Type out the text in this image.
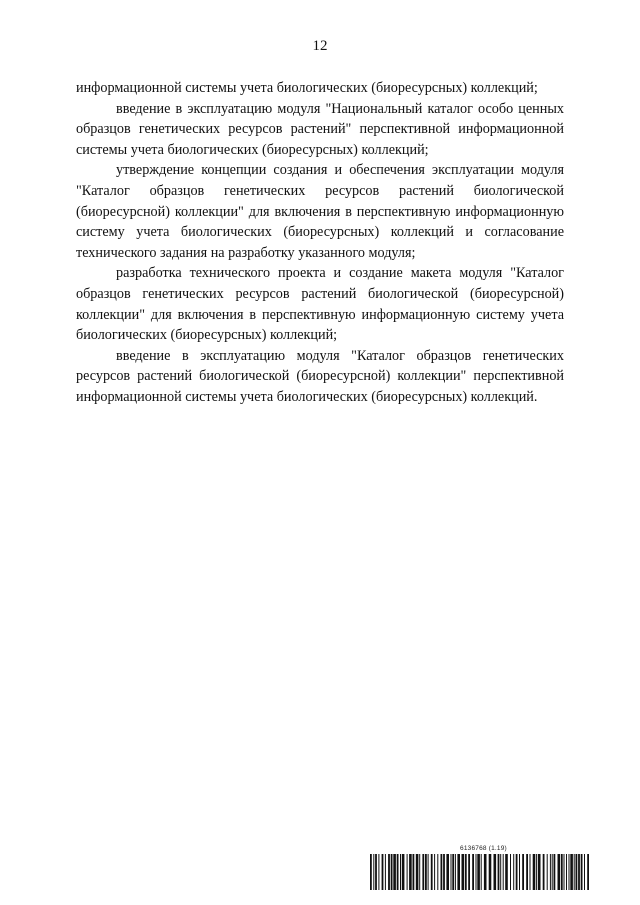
12

информационной системы учета биологических (биоресурсных) коллекций;

введение в эксплуатацию модуля "Национальный каталог особо ценных образцов генетических ресурсов растений" перспективной информационной системы учета биологических (биоресурсных) коллекций;

утверждение концепции создания и обеспечения эксплуатации модуля "Каталог образцов генетических ресурсов растений биологической (биоресурсной) коллекции" для включения в перспективную информационную систему учета биологических (биоресурсных) коллекций и согласование технического задания на разработку указанного модуля;

разработка технического проекта и создание макета модуля "Каталог образцов генетических ресурсов растений биологической (биоресурсной) коллекции" для включения в перспективную информационную систему учета биологических (биоресурсных) коллекций;

введение в эксплуатацию модуля "Каталог образцов генетических ресурсов растений биологической (биоресурсной) коллекции" перспективной информационной системы учета биологических (биоресурсных) коллекций.

6136768 (1.19)
